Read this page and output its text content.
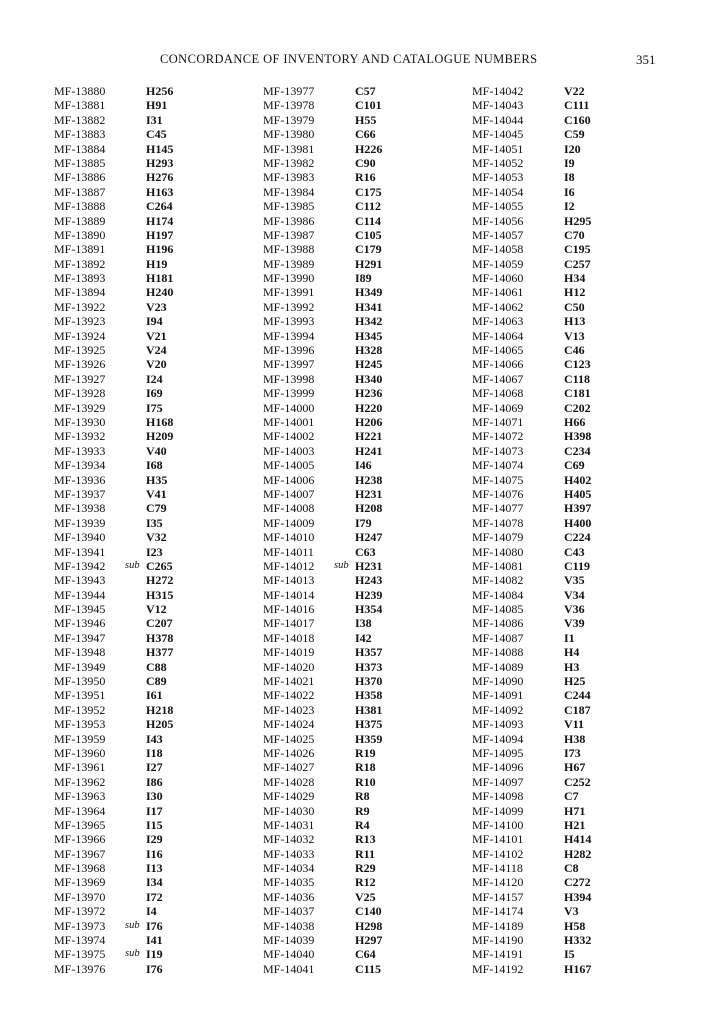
CONCORDANCE OF INVENTORY AND CATALOGUE NUMBERS	351
MF-13880	H256
MF-13881	H91
MF-13882	I31
MF-13883	C45
MF-13884	H145
MF-13885	H293
MF-13886	H276
MF-13887	H163
MF-13888	C264
MF-13889	H174
MF-13890	H197
MF-13891	H196
MF-13892	H19
MF-13893	H181
MF-13894	H240
MF-13922	V23
MF-13923	I94
MF-13924	V21
MF-13925	V24
MF-13926	V20
MF-13927	I24
MF-13928	I69
MF-13929	I75
MF-13930	H168
MF-13932	H209
MF-13933	V40
MF-13934	I68
MF-13936	H35
MF-13937	V41
MF-13938	C79
MF-13939	I35
MF-13940	V32
MF-13941	I23
MF-13942 sub C265
MF-13943	H272
MF-13944	H315
MF-13945	V12
MF-13946	C207
MF-13947	H378
MF-13948	H377
MF-13949	C88
MF-13950	C89
MF-13951	I61
MF-13952	H218
MF-13953	H205
MF-13959	I43
MF-13960	I18
MF-13961	I27
MF-13962	I86
MF-13963	I30
MF-13964	I17
MF-13965	I15
MF-13966	I29
MF-13967	I16
MF-13968	I13
MF-13969	I34
MF-13970	I72
MF-13972	I4
MF-13973 sub I76
MF-13974	I41
MF-13975 sub I19
MF-13976	I76
MF-13977	C57
MF-13978	C101
MF-13979	H55
MF-13980	C66
MF-13981	H226
MF-13982	C90
MF-13983	R16
MF-13984	C175
MF-13985	C112
MF-13986	C114
MF-13987	C105
MF-13988	C179
MF-13989	H291
MF-13990	I89
MF-13991	H349
MF-13992	H341
MF-13993	H342
MF-13994	H345
MF-13996	H328
MF-13997	H245
MF-13998	H340
MF-13999	H236
MF-14000	H220
MF-14001	H206
MF-14002	H221
MF-14003	H241
MF-14005	I46
MF-14006	H238
MF-14007	H231
MF-14008	H208
MF-14009	I79
MF-14010	H247
MF-14011	C63
MF-14012 sub H231
MF-14013	H243
MF-14014	H239
MF-14016	H354
MF-14017	I38
MF-14018	I42
MF-14019	H357
MF-14020	H373
MF-14021	H370
MF-14022	H358
MF-14023	H381
MF-14024	H375
MF-14025	H359
MF-14026	R19
MF-14027	R18
MF-14028	R10
MF-14029	R8
MF-14030	R9
MF-14031	R4
MF-14032	R13
MF-14033	R11
MF-14034	R29
MF-14035	R12
MF-14036	V25
MF-14037	C140
MF-14038	H298
MF-14039	H297
MF-14040	C64
MF-14041	C115
MF-14042	V22
MF-14043	C111
MF-14044	C160
MF-14045	C59
MF-14051	I20
MF-14052	I9
MF-14053	I8
MF-14054	I6
MF-14055	I2
MF-14056	H295
MF-14057	C70
MF-14058	C195
MF-14059	C257
MF-14060	H34
MF-14061	H12
MF-14062	C50
MF-14063	H13
MF-14064	V13
MF-14065	C46
MF-14066	C123
MF-14067	C118
MF-14068	C181
MF-14069	C202
MF-14071	H66
MF-14072	H398
MF-14073	C234
MF-14074	C69
MF-14075	H402
MF-14076	H405
MF-14077	H397
MF-14078	H400
MF-14079	C224
MF-14080	C43
MF-14081	C119
MF-14082	V35
MF-14084	V34
MF-14085	V36
MF-14086	V39
MF-14087	I1
MF-14088	H4
MF-14089	H3
MF-14090	H25
MF-14091	C244
MF-14092	C187
MF-14093	V11
MF-14094	H38
MF-14095	I73
MF-14096	H67
MF-14097	C252
MF-14098	C7
MF-14099	H71
MF-14100	H21
MF-14101	H414
MF-14102	H282
MF-14118	C8
MF-14120	C272
MF-14157	H394
MF-14174	V3
MF-14189	H58
MF-14190	H332
MF-14191	I5
MF-14192	H167
